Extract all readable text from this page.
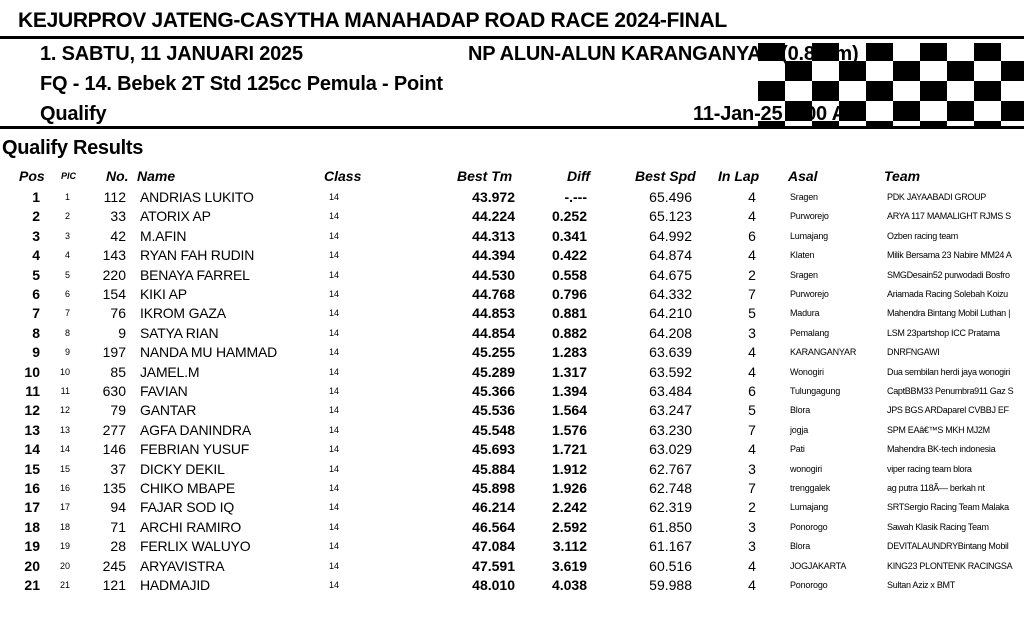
KEJURPROV JATENG-CASYTHA MANAHADAP ROAD RACE 2024-FINAL
1. SABTU, 11 JANUARI 2025	NP ALUN-ALUN KARANGANYAR (0.8 Km)
FQ - 14. Bebek 2T Std 125cc Pemula - Point
Qualify	11-Jan-25 9:00 AM
Qualify Results
Pos PIC No. Name	Class	Best Tm	Diff	Best Spd In Lap Asal	Team
1	1	112 ANDRIAS LUKITO	14	43.972	-.---	65.496	4	Sragen	PDK JAYAABADI GROUP
2	2	33 ATORIX AP	14	44.224	0.252	65.123	4	Purworejo	ARYA 117 MAMALIGHT RJMS S
3	3	42 M.AFIN	14	44.313	0.341	64.992	6	Lumajang	Ozben racing team
4	4	143 RYAN FAH RUDIN	14	44.394	0.422	64.874	4	Klaten	Milik Bersama 23 Nabire MM24 A
5	5	220 BENAYA FARREL	14	44.530	0.558	64.675	2	Sragen	SMGDesain52 purwodadi Bosfro
6	6	154 KIKI AP	14	44.768	0.796	64.332	7	Purworejo	Ariamada Racing Solebah Koizu
7	7	76 IKROM GAZA	14	44.853	0.881	64.210	5	Madura	Mahendra Bintang Mobil Luthan |
8	8	9 SATYA RIAN	14	44.854	0.882	64.208	3	Pemalang	LSM 23partshop ICC Pratama
9	9	197 NANDA MU HAMMAD	14	45.255	1.283	63.639	4	KARANGANYAR	DNRFNGAWI
10	10	85 JAMEL.M	14	45.289	1.317	63.592	4	Wonogiri	Dua sembilan herdi jaya wonogiri
11	11	630 FAVIAN	14	45.366	1.394	63.484	6	Tulungagung	CaptBBM33 Penumbra911 Gaz S
12	12	79 GANTAR	14	45.536	1.564	63.247	5	Blora	JPS BGS ARDaparel CVBBJ EF
13	13	277 AGFA DANINDRA	14	45.548	1.576	63.230	7	jogja	SPM EAâ€™S MKH MJ2M
14	14	146 FEBRIAN YUSUF	14	45.693	1.721	63.029	4	Pati	Mahendra BK-tech indonesia
15	15	37 DICKY DEKIL	14	45.884	1.912	62.767	3	wonogiri	viper racing team blora
16	16	135 CHIKO MBAPE	14	45.898	1.926	62.748	7	trenggalek	ag putra 118Ã— berkah nt
17	17	94 FAJAR SOD IQ	14	46.214	2.242	62.319	2	Lumajang	SRTSergio Racing Team Malaka
18	18	71 ARCHI RAMIRO	14	46.564	2.592	61.850	3	Ponorogo	Sawah Klasik Racing Team
19	19	28 FERLIX WALUYO	14	47.084	3.112	61.167	3	Blora	DEVITALAUNDRYBintang Mobil
20	20	245 ARYAVISTRA	14	47.591	3.619	60.516	4	JOGJAKARTA	KING23 PLONTENK RACINGSA
21	21	121 HADMAJID	14	48.010	4.038	59.988	4	Ponorogo	Sultan Aziz x BMT
